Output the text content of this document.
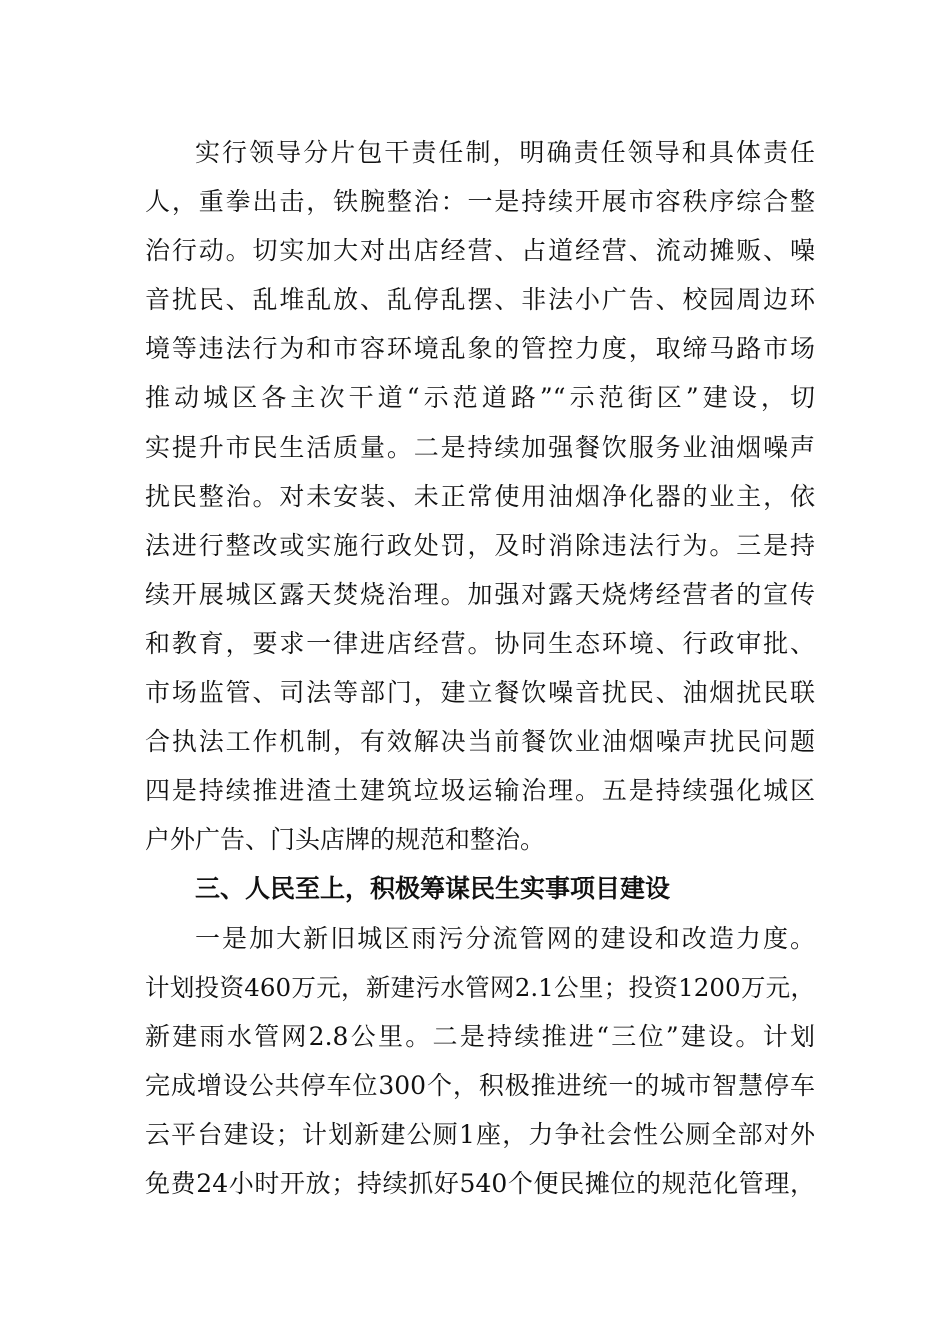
实行领导分片包干责任制，明确责任领导和具体责任
人，重拳出击，铁腕整治：一是持续开展市容秩序综合整
治行动。切实加大对出店经营、占道经营、流动摊贩、噪
音扰民、乱堆乱放、乱停乱摆、非法小广告、校园周边环
境等违法行为和市容环境乱象的管控力度，取缔马路市场
推动城区各主次干道“示范道路”“示范街区”建设，切
实提升市民生活质量。二是持续加强餐饮服务业油烟噪声
扰民整治。对未安装、未正常使用油烟净化器的业主，依
法进行整改或实施行政处罚，及时消除违法行为。三是持
续开展城区露天焚烧治理。加强对露天烧烤经营者的宣传
和教育，要求一律进店经营。协同生态环境、行政审批、
市场监管、司法等部门，建立餐饮噪音扰民、油烟扰民联
合执法工作机制，有效解决当前餐饮业油烟噪声扰民问题
四是持续推进渣土建筑垃圾运输治理。五是持续强化城区
户外广告、门头店牌的规范和整治。
三、人民至上，积极筹谋民生实事项目建设
一是加大新旧城区雨污分流管网的建设和改造力度。
计划投资460万元，新建污水管网2.1公里；投资1200万元，
新建雨水管网2.8公里。二是持续推进“三位”建设。计划
完成增设公共停车位300个，积极推进统一的城市智慧停车
云平台建设；计划新建公厕1座，力争社会性公厕全部对外
免费24小时开放；持续抓好540个便民摊位的规范化管理，
